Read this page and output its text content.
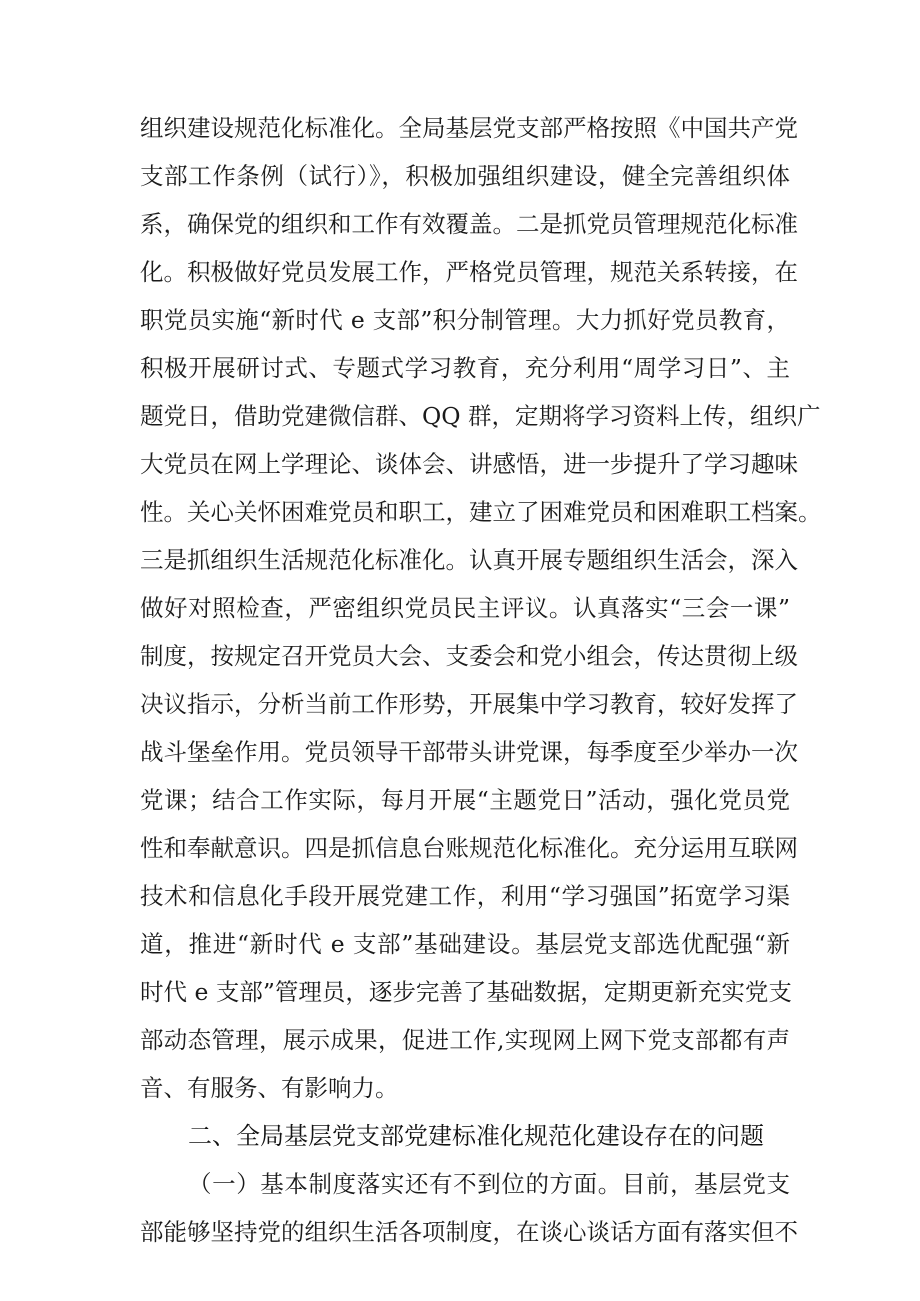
组织建设规范化标准化。全局基层党支部严格按照《中国共产党
支部工作条例（试行）》，积极加强组织建设，健全完善组织体
系，确保党的组织和工作有效覆盖。二是抓党员管理规范化标准
化。积极做好党员发展工作，严格党员管理，规范关系转接，在
职党员实施“新时代 e 支部”积分制管理。大力抓好党员教育，
积极开展研讨式、专题式学习教育，充分利用“周学习日”、主
题党日，借助党建微信群、QQ 群，定期将学习资料上传，组织广
大党员在网上学理论、谈体会、讲感悟，进一步提升了学习趣味
性。关心关怀困难党员和职工，建立了困难党员和困难职工档案。
三是抓组织生活规范化标准化。认真开展专题组织生活会，深入
做好对照检查，严密组织党员民主评议。认真落实“三会一课”
制度，按规定召开党员大会、支委会和党小组会，传达贯彻上级
决议指示，分析当前工作形势，开展集中学习教育，较好发挥了
战斗堡垒作用。党员领导干部带头讲党课，每季度至少举办一次
党课；结合工作实际，每月开展“主题党日”活动，强化党员党
性和奉献意识。四是抓信息台账规范化标准化。充分运用互联网
技术和信息化手段开展党建工作，利用“学习强国”拓宽学习渠
道，推进“新时代 e 支部”基础建设。基层党支部选优配强“新
时代 e 支部”管理员，逐步完善了基础数据，定期更新充实党支
部动态管理，展示成果，促进工作,实现网上网下党支部都有声
音、有服务、有影响力。
二、全局基层党支部党建标准化规范化建设存在的问题
（一）基本制度落实还有不到位的方面。目前，基层党支
部能够坚持党的组织生活各项制度，在谈心谈话方面有落实但不
